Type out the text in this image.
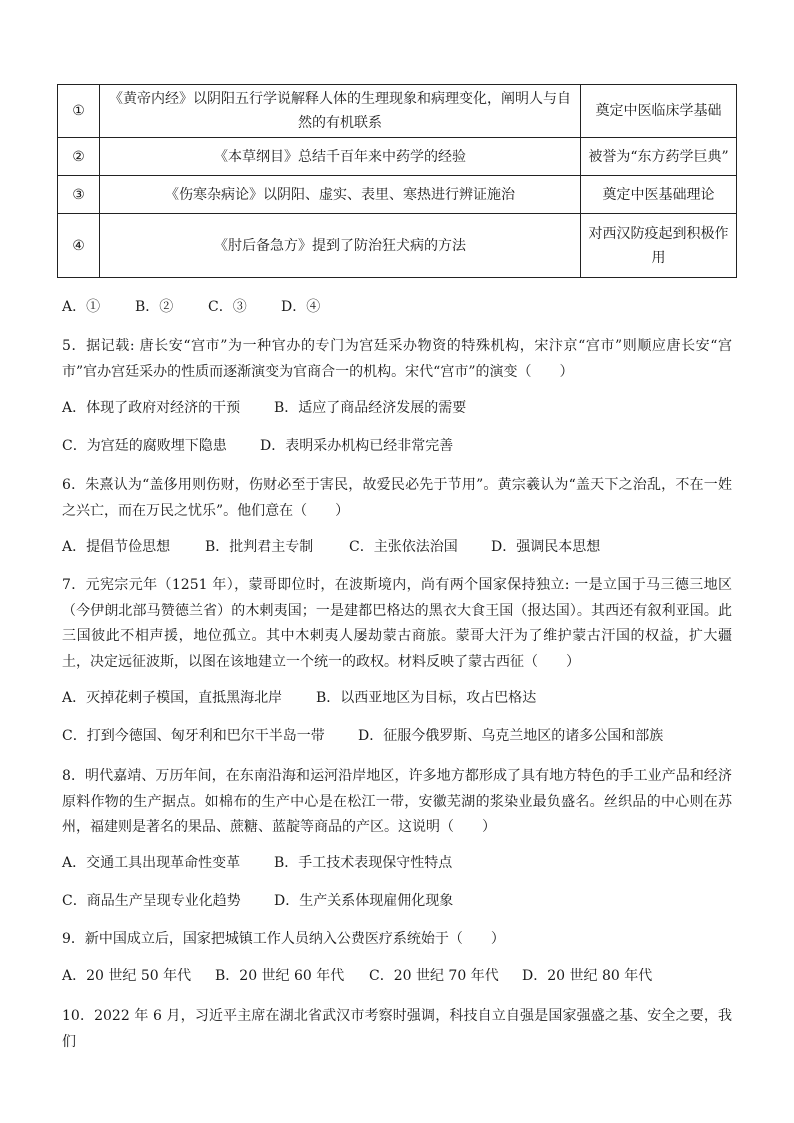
①	《黄帝内经》以阴阳五行学说解释人体的生理现象和病理变化，阐明人与自然的有机联系	奠定中医临床学基础
②	《本草纲目》总结千百年来中药学的经验	被誉为“东方药学巨典”
③	《伤寒杂病论》以阴阳、虚实、表里、寒热进行辨证施治	奠定中医基础理论
④	《肘后备急方》提到了防治狂犬病的方法	对西汉防疫起到积极作用
A．① B．② C．③ D．④
5．据记载: 唐长安“宫市”为一种官办的专门为宫廷采办物资的特殊机构，宋汴京“宫市”则顺应唐长安“宫市”官办宫廷采办的性质而逐渐演变为官商合一的机构。宋代“宫市”的演变（　　）
A．体现了政府对经济的干预 B．适应了商品经济发展的需要
C．为宫廷的腐败埋下隐患 D．表明采办机构已经非常完善
6．朱熹认为“盖侈用则伤财，伤财必至于害民，故爱民必先于节用”。黄宗羲认为“盖天下之治乱，不在一姓之兴亡，而在万民之忧乐”。他们意在（　　）
A．提倡节俭思想 B．批判君主专制	C．主张依法治国 D．强调民本思想
7．元宪宗元年（1251 年），蒙哥即位时，在波斯境内，尚有两个国家保持独立: 一是立国于马三德三地区（今伊朗北部马赞德兰省）的木剌夷国；一是建都巴格达的黑衣大食王国（报达国）。其西还有叙利亚国。此三国彼此不相声援，地位孤立。其中木剌夷人屡劫蒙古商旅。蒙哥大汗为了维护蒙古汗国的权益，扩大疆土，决定远征波斯，以图在该地建立一个统一的政权。材料反映了蒙古西征（　　）
A．灭掉花剌子模国，直抵黑海北岸 B．以西亚地区为目标，攻占巴格达
C．打到今德国、匈牙利和巴尔干半岛一带 D．征服今俄罗斯、乌克兰地区的诸多公国和部族
8．明代嘉靖、万历年间，在东南沿海和运河沿岸地区，许多地方都形成了具有地方特色的手工业产品和经济原料作物的生产据点。如棉布的生产中心是在松江一带，安徽芜湖的浆染业最负盛名。丝织品的中心则在苏州，福建则是著名的果品、蔗糖、蓝靛等商品的产区。这说明（　　）
A．交通工具出现革命性变革 B．手工技术表现保守性特点
C．商品生产呈现专业化趋势 D．生产关系体现雇佣化现象
9．新中国成立后，国家把城镇工作人员纳入公费医疗系统始于（　　）
A．20 世纪 50 年代 B．20 世纪 60 年代 C．20 世纪 70 年代 D．20 世纪 80 年代
10．2022 年 6 月，习近平主席在湖北省武汉市考察时强调，科技自立自强是国家强盛之基、安全之要，我们
